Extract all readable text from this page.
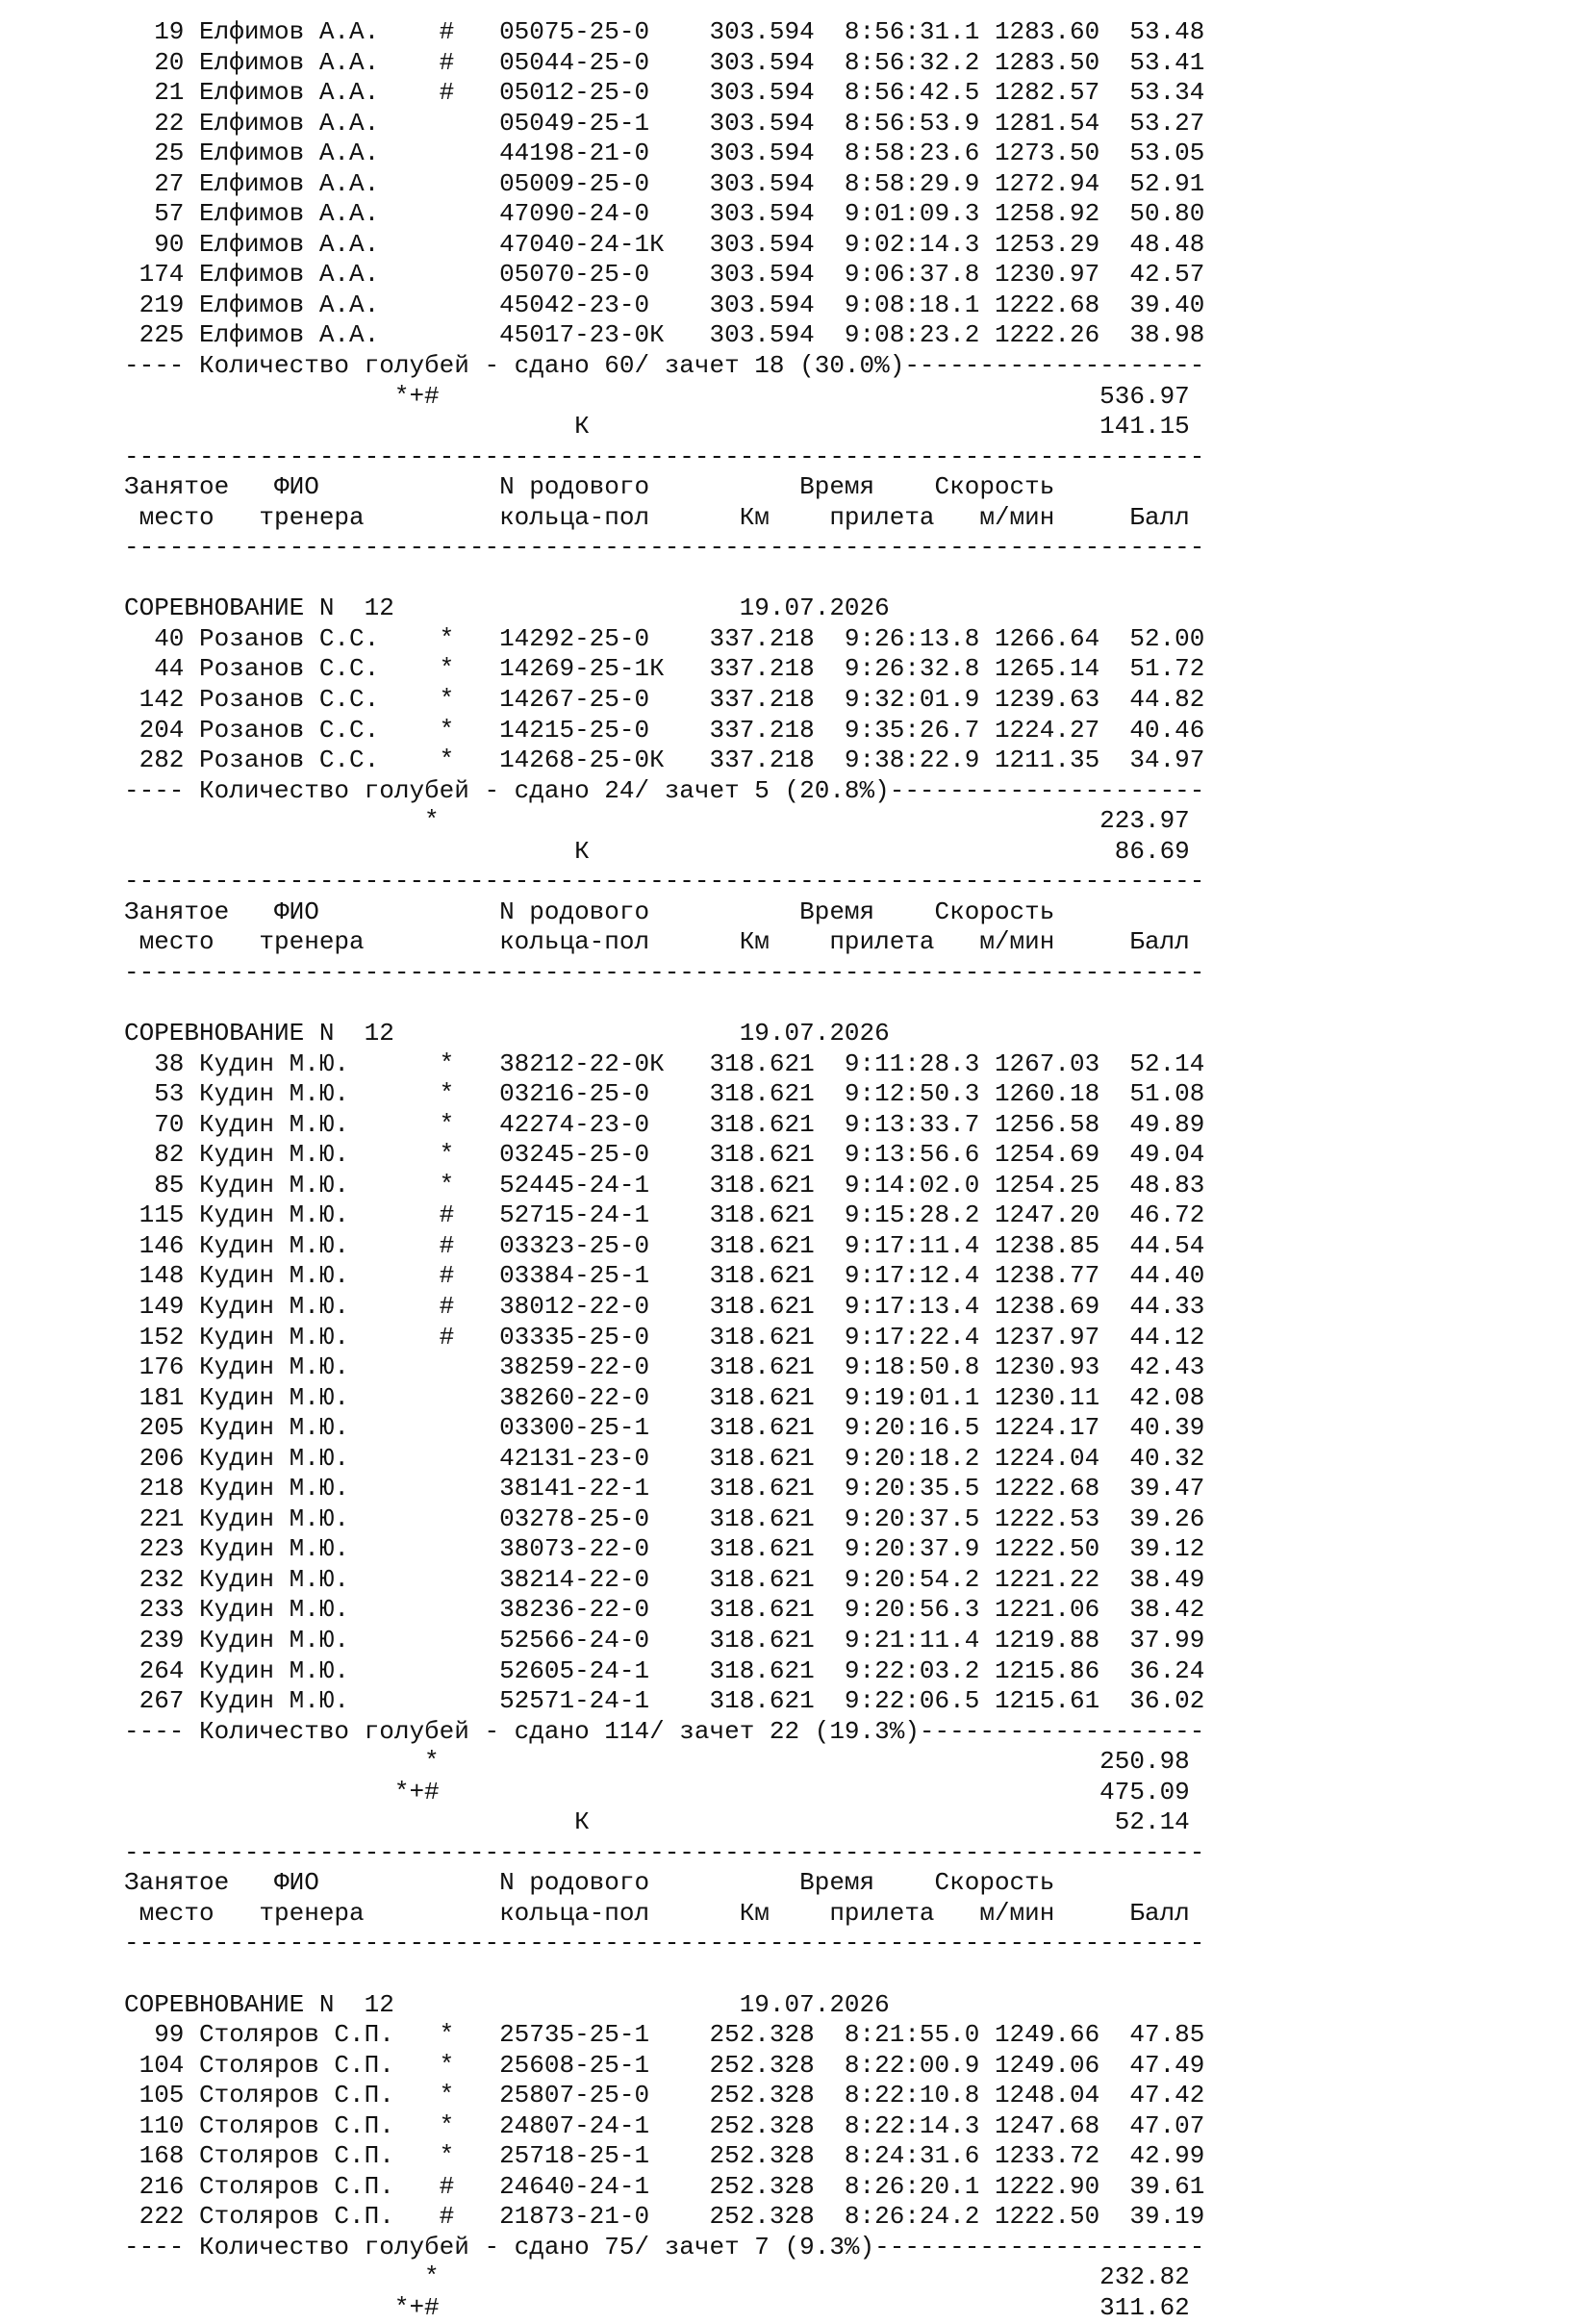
19 Елфимов А.А.    #   05075-25-0    303.594  8:56:31.1 1283.60  53.48
20 Елфимов А.А.    #   05044-25-0    303.594  8:56:32.2 1283.50  53.41
21 Елфимов А.А.    #   05012-25-0    303.594  8:56:42.5 1282.57  53.34
22 Елфимов А.А.        05049-25-1    303.594  8:56:53.9 1281.54  53.27
25 Елфимов А.А.        44198-21-0    303.594  8:58:23.6 1273.50  53.05
27 Елфимов А.А.        05009-25-0    303.594  8:58:29.9 1272.94  52.91
57 Елфимов А.А.        47090-24-0    303.594  9:01:09.3 1258.92  50.80
90 Елфимов А.А.        47040-24-1К   303.594  9:02:14.3 1253.29  48.48
174 Елфимов А.А.        05070-25-0    303.594  9:06:37.8 1230.97  42.57
219 Елфимов А.А.        45042-23-0    303.594  9:08:18.1 1222.68  39.40
225 Елфимов А.А.        45017-23-0К   303.594  9:08:23.2 1222.26  38.98
---- Количество голубей - сдано 60/ зачет 18 (30.0%)--------------------
*+#                                            536.97
К                                  141.15
------------------------------------------------------------------------
Занятое   ФИО            N родового          Время    Скорость
место   тренера         кольца-пол      Км    прилета   м/мин     Балл
------------------------------------------------------------------------
СОРЕВНОВАНИЕ N  12                       19.07.2026
40 Розанов С.С.    *   14292-25-0    337.218  9:26:13.8 1266.64  52.00
44 Розанов С.С.    *   14269-25-1К   337.218  9:26:32.8 1265.14  51.72
142 Розанов С.С.    *   14267-25-0    337.218  9:32:01.9 1239.63  44.82
204 Розанов С.С.    *   14215-25-0    337.218  9:35:26.7 1224.27  40.46
282 Розанов С.С.    *   14268-25-0К   337.218  9:38:22.9 1211.35  34.97
---- Количество голубей - сдано 24/ зачет 5 (20.8%)---------------------
*                                            223.97
К                                   86.69
------------------------------------------------------------------------
Занятое   ФИО            N родового          Время    Скорость
место   тренера         кольца-пол      Км    прилета   м/мин     Балл
------------------------------------------------------------------------
СОРЕВНОВАНИЕ N  12                       19.07.2026
38 Кудин М.Ю.      *   38212-22-0К   318.621  9:11:28.3 1267.03  52.14
53 Кудин М.Ю.      *   03216-25-0    318.621  9:12:50.3 1260.18  51.08
70 Кудин М.Ю.      *   42274-23-0    318.621  9:13:33.7 1256.58  49.89
82 Кудин М.Ю.      *   03245-25-0    318.621  9:13:56.6 1254.69  49.04
85 Кудин М.Ю.      *   52445-24-1    318.621  9:14:02.0 1254.25  48.83
115 Кудин М.Ю.      #   52715-24-1    318.621  9:15:28.2 1247.20  46.72
146 Кудин М.Ю.      #   03323-25-0    318.621  9:17:11.4 1238.85  44.54
148 Кудин М.Ю.      #   03384-25-1    318.621  9:17:12.4 1238.77  44.40
149 Кудин М.Ю.      #   38012-22-0    318.621  9:17:13.4 1238.69  44.33
152 Кудин М.Ю.      #   03335-25-0    318.621  9:17:22.4 1237.97  44.12
176 Кудин М.Ю.          38259-22-0    318.621  9:18:50.8 1230.93  42.43
181 Кудин М.Ю.          38260-22-0    318.621  9:19:01.1 1230.11  42.08
205 Кудин М.Ю.          03300-25-1    318.621  9:20:16.5 1224.17  40.39
206 Кудин М.Ю.          42131-23-0    318.621  9:20:18.2 1224.04  40.32
218 Кудин М.Ю.          38141-22-1    318.621  9:20:35.5 1222.68  39.47
221 Кудин М.Ю.          03278-25-0    318.621  9:20:37.5 1222.53  39.26
223 Кудин М.Ю.          38073-22-0    318.621  9:20:37.9 1222.50  39.12
232 Кудин М.Ю.          38214-22-0    318.621  9:20:54.2 1221.22  38.49
233 Кудин М.Ю.          38236-22-0    318.621  9:20:56.3 1221.06  38.42
239 Кудин М.Ю.          52566-24-0    318.621  9:21:11.4 1219.88  37.99
264 Кудин М.Ю.          52605-24-1    318.621  9:22:03.2 1215.86  36.24
267 Кудин М.Ю.          52571-24-1    318.621  9:22:06.5 1215.61  36.02
---- Количество голубей - сдано 114/ зачет 22 (19.3%)-------------------
*                                            250.98
*+#                                            475.09
К                                   52.14
------------------------------------------------------------------------
Занятое   ФИО            N родового          Время    Скорость
место   тренера         кольца-пол      Км    прилета   м/мин     Балл
------------------------------------------------------------------------
СОРЕВНОВАНИЕ N  12                       19.07.2026
99 Столяров С.П.   *   25735-25-1    252.328  8:21:55.0 1249.66  47.85
104 Столяров С.П.   *   25608-25-1    252.328  8:22:00.9 1249.06  47.49
105 Столяров С.П.   *   25807-25-0    252.328  8:22:10.8 1248.04  47.42
110 Столяров С.П.   *   24807-24-1    252.328  8:22:14.3 1247.68  47.07
168 Столяров С.П.   *   25718-25-1    252.328  8:24:31.6 1233.72  42.99
216 Столяров С.П.   #   24640-24-1    252.328  8:26:20.1 1222.90  39.61
222 Столяров С.П.   #   21873-21-0    252.328  8:26:24.2 1222.50  39.19
---- Количество голубей - сдано 75/ зачет 7 (9.3%)----------------------
*                                            232.82
*+#                                            311.62
